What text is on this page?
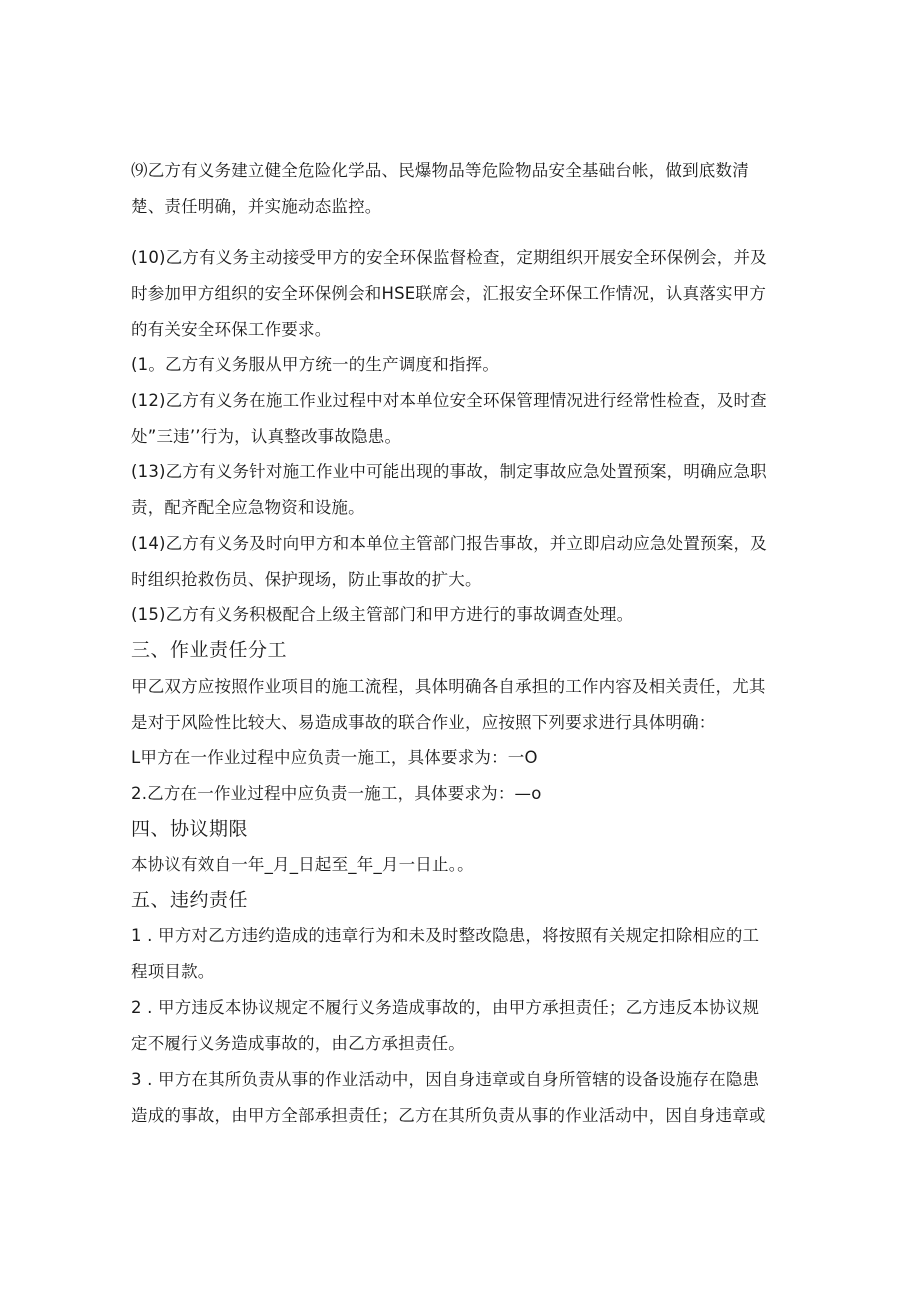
⑼乙方有义务建立健全危险化学品、民爆物品等危险物品安全基础台帐，做到底数清
楚、责任明确，并实施动态监控。
(10)乙方有义务主动接受甲方的安全环保监督检查，定期组织开展安全环保例会，并及
时参加甲方组织的安全环保例会和HSE联席会，汇报安全环保工作情况，认真落实甲方
的有关安全环保工作要求。
(1。乙方有义务服从甲方统一的生产调度和指挥。
(12)乙方有义务在施工作业过程中对本单位安全环保管理情况进行经常性检查，及时查
处”三违’’行为，认真整改事故隐患。
(13)乙方有义务针对施工作业中可能出现的事故，制定事故应急处置预案，明确应急职
责，配齐配全应急物资和设施。
(14)乙方有义务及时向甲方和本单位主管部门报告事故，并立即启动应急处置预案，及
时组织抢救伤员、保护现场，防止事故的扩大。
(15)乙方有义务积极配合上级主管部门和甲方进行的事故调查处理。
三、作业责任分工
甲乙双方应按照作业项目的施工流程，具体明确各自承担的工作内容及相关责任，尤其
是对于风险性比较大、易造成事故的联合作业，应按照下列要求进行具体明确：
L甲方在一作业过程中应负责一施工，具体要求为：一O
2.乙方在一作业过程中应负责一施工，具体要求为：—o
四、协议期限
本协议有效自一年_月_日起至_年_月一日止。。
五、违约责任
1 . 甲方对乙方违约造成的违章行为和未及时整改隐患，将按照有关规定扣除相应的工
程项目款。
2 . 甲方违反本协议规定不履行义务造成事故的，由甲方承担责任；乙方违反本协议规
定不履行义务造成事故的，由乙方承担责任。
3 . 甲方在其所负责从事的作业活动中，因自身违章或自身所管辖的设备设施存在隐患
造成的事故，由甲方全部承担责任；乙方在其所负责从事的作业活动中，因自身违章或
